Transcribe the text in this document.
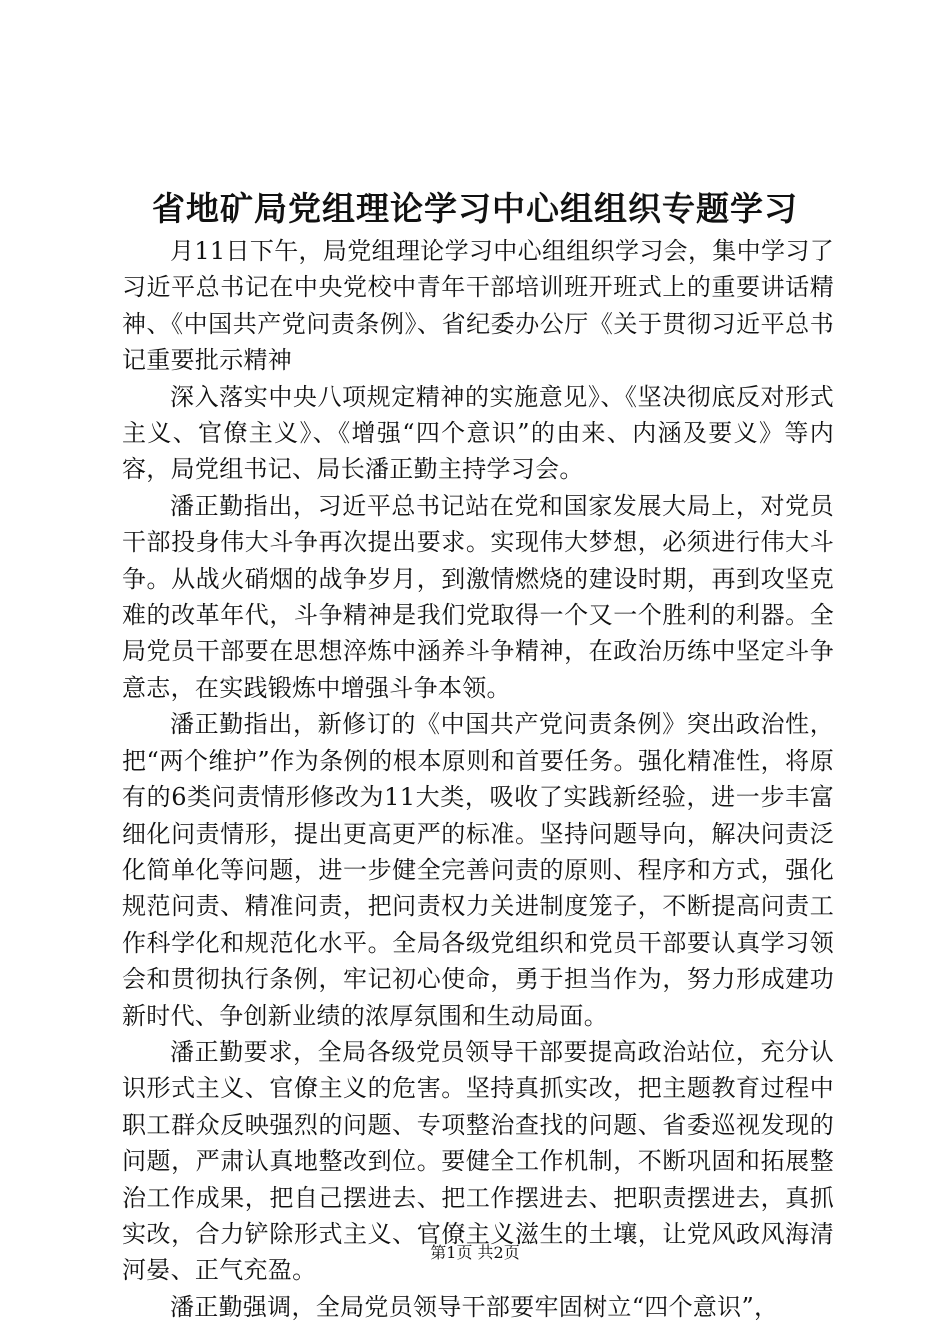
省地矿局党组理论学习中心组组织专题学习

月11日下午，局党组理论学习中心组组织学习会，集中学习了习近平总书记在中央党校中青年干部培训班开班式上的重要讲话精神、《中国共产党问责条例》、省纪委办公厅《关于贯彻习近平总书记重要批示精神

深入落实中央八项规定精神的实施意见》、《坚决彻底反对形式主义、官僚主义》、《增强“四个意识”的由来、内涵及要义》等内容，局党组书记、局长潘正勤主持学习会。

潘正勤指出，习近平总书记站在党和国家发展大局上，对党员干部投身伟大斗争再次提出要求。实现伟大梦想，必须进行伟大斗争。从战火硝烟的战争岁月，到激情燃烧的建设时期，再到攻坚克难的改革年代，斗争精神是我们党取得一个又一个胜利的利器。全局党员干部要在思想淬炼中涵养斗争精神，在政治历练中坚定斗争意志，在实践锻炼中增强斗争本领。

潘正勤指出，新修订的《中国共产党问责条例》突出政治性，把“两个维护”作为条例的根本原则和首要任务。强化精准性，将原有的6类问责情形修改为11大类，吸收了实践新经验，进一步丰富细化问责情形，提出更高更严的标准。坚持问题导向，解决问责泛化简单化等问题，进一步健全完善问责的原则、程序和方式，强化规范问责、精准问责，把问责权力关进制度笼子，不断提高问责工作科学化和规范化水平。全局各级党组织和党员干部要认真学习领会和贯彻执行条例，牢记初心使命，勇于担当作为，努力形成建功新时代、争创新业绩的浓厚氛围和生动局面。

潘正勤要求，全局各级党员领导干部要提高政治站位，充分认识形式主义、官僚主义的危害。坚持真抓实改，把主题教育过程中职工群众反映强烈的问题、专项整治查找的问题、省委巡视发现的问题，严肃认真地整改到位。要健全工作机制，不断巩固和拓展整治工作成果，把自己摆进去、把工作摆进去、把职责摆进去，真抓实改，合力铲除形式主义、官僚主义滋生的土壤，让党风政风海清河晏、正气充盈。

潘正勤强调，全局党员领导干部要牢固树立“四个意识”，

第1页 共2页
